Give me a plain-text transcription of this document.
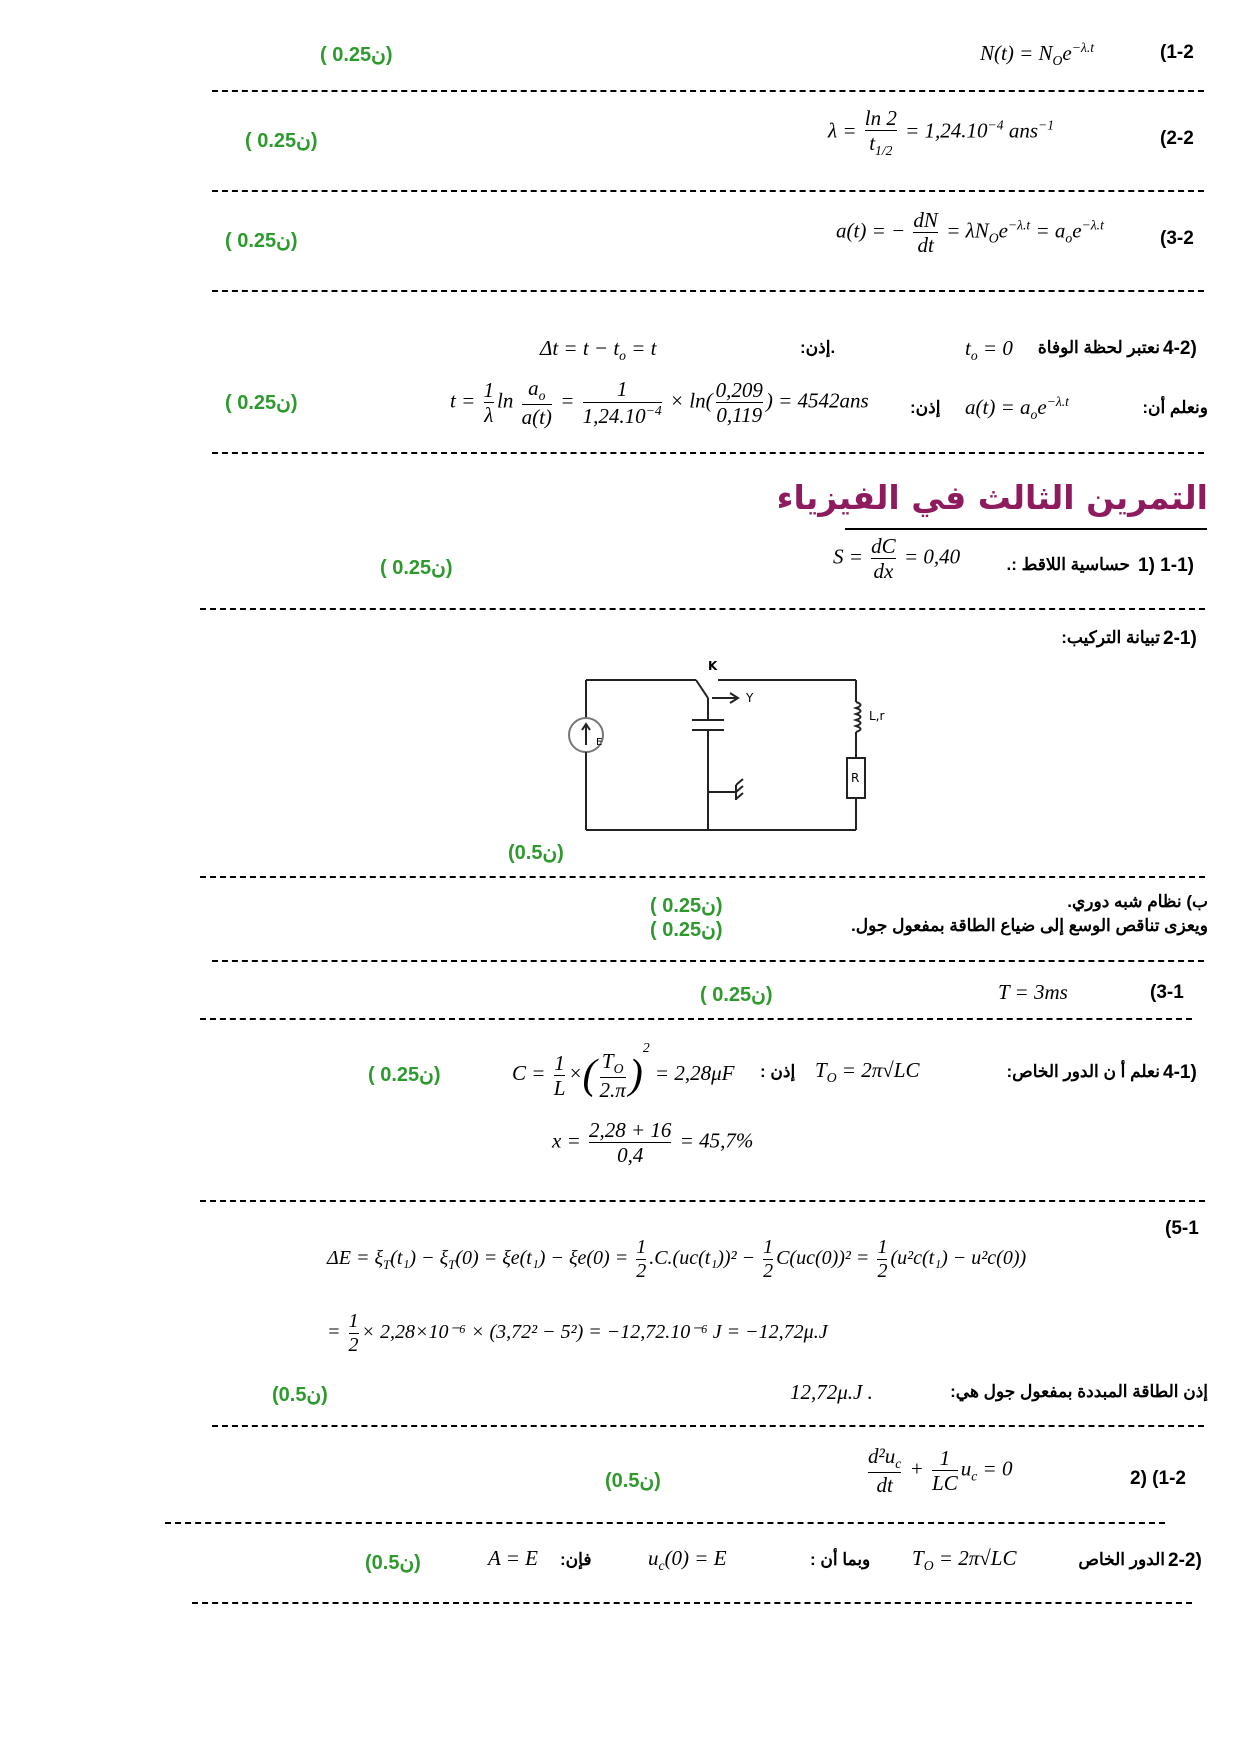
(1-2
$N(t) = N_Oe^{-\lambda.t}$
( 0.25ن)
(2-2
$\lambda = \frac{\ln 2}{t_{1/2}} = 1,24.10^{-4}$ ans$^{-1}$
( 0.25ن)
(3-2
a(t) = − $\frac{dN}{dt} = \lambda N_Oe^{-\lambda.t} = a_oe^{-\lambda.t}$
( 0.25ن)
4-2)
نعتبر لحظة الوفاة
$t_o = 0$
.إذن:
$\Delta t = t - t_o = t$
ونعلم أن:
$a(t) = a_oe^{-\lambda.t}$
إذن:
$t = \frac{1}{\lambda}$ $\ln \frac{a_o}{a(t)} = \frac{1}{1,24.10^{-4}} \times \ln( \frac{0,209}{0,119}$ ) = 4542ans
( 0.25ن)
التمرين الثالث في الفيزياء
1) 1-1)
حساسية اللاقط :.
$S = \frac{dC}{dx} = 0,40$
( 0.25ن)
2-1)
تبيانة التركيب:
K
Y
L,r
R
E
(0.5ن)
ب) نظام شبه دوري.
ويعزى تناقص الوسع إلى ضياع الطاقة بمفعول جول.
( 0.25ن)
( 0.25ن)
(3-1
T = 3ms
( 0.25ن)
4-1)
نعلم أ ن الدور الخاص:
$T_O = 2\pi√LC$
إذن :
$C = \frac{1}{L}$ ×( $\frac{T_O}{2.\pi} )^2 = 2,28\mu F$
$x = \frac{2,28 + 16}{0,4} = 45,7\%$
( 0.25ن)
(5-1
$\Delta E = \xi_T(t_1) - \xi_T(0) = \xi e(t_1) - \xi e(0) = \frac{1}{2} .C.(uc(t_1))^2 - \frac{1}{2} C(uc(0))^2 = \frac{1}{2} (u^2c(t_1) - u^2c(0))$
= $\frac{1}{2} \times 2,28\times 10^{-6} \times (3,72^2 - 5^2) = -12,72.10^{-6}$ J = −12,72μ.J
إذن الطاقة المبددة بمفعول جول هي:
12,72μ.J .
(0.5ن)
2) (1-2
$\frac{d^2u_c}{dt} + \frac{1}{LC} u_c = 0$
(0.5ن)
2-2)
الدور الخاص
$T_O = 2\pi√LC$
وبما أن :
$u_c(0) = E$
فإن:
A = E
(0.5ن)
